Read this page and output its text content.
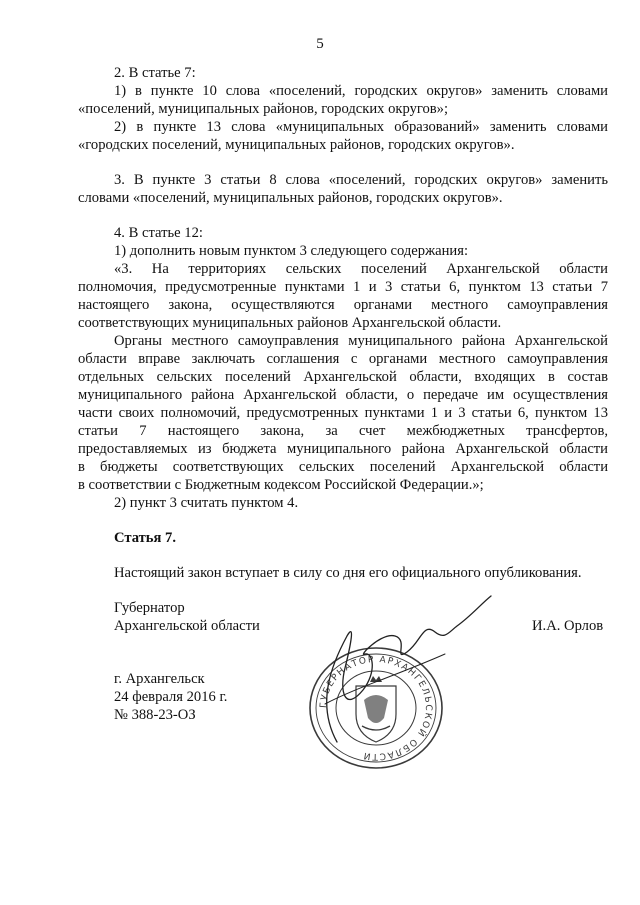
5
2. В статье 7:
1) в пункте 10 слова «поселений, городских округов» заменить словами
«поселений, муниципальных районов, городских округов»;
2) в пункте 13 слова «муниципальных образований» заменить словами
«городских поселений, муниципальных районов, городских округов».
3. В пункте 3 статьи 8 слова «поселений, городских округов» заменить
словами «поселений, муниципальных районов, городских округов».
4. В статье 12:
1) дополнить новым пунктом 3 следующего содержания:
«3. На территориях сельских поселений Архангельской области
полномочия, предусмотренные пунктами 1 и 3 статьи 6, пунктом 13 статьи 7
настоящего закона, осуществляются органами местного самоуправления
соответствующих муниципальных районов Архангельской области.
Органы местного самоуправления муниципального района Архангельской
области вправе заключать соглашения с органами местного самоуправления
отдельных сельских поселений Архангельской области, входящих в состав
муниципального района Архангельской области, о передаче им осуществления
части своих полномочий, предусмотренных пунктами 1 и 3 статьи 6, пунктом 13
статьи 7 настоящего закона, за счет межбюджетных трансфертов,
предоставляемых из бюджета муниципального района Архангельской области
в бюджеты соответствующих сельских поселений Архангельской области
в соответствии с Бюджетным кодексом Российской Федерации.»;
2) пункт 3 считать пунктом 4.
Статья 7.
Настоящий закон вступает в силу со дня его официального опубликования.
Губернатор
Архангельской области	И.А. Орлов
г. Архангельск
24 февраля 2016 г.
№ 388-23-ОЗ
ГУБЕРНАТОР АРХАНГЕЛЬСКОЙ ОБЛАСТИ
